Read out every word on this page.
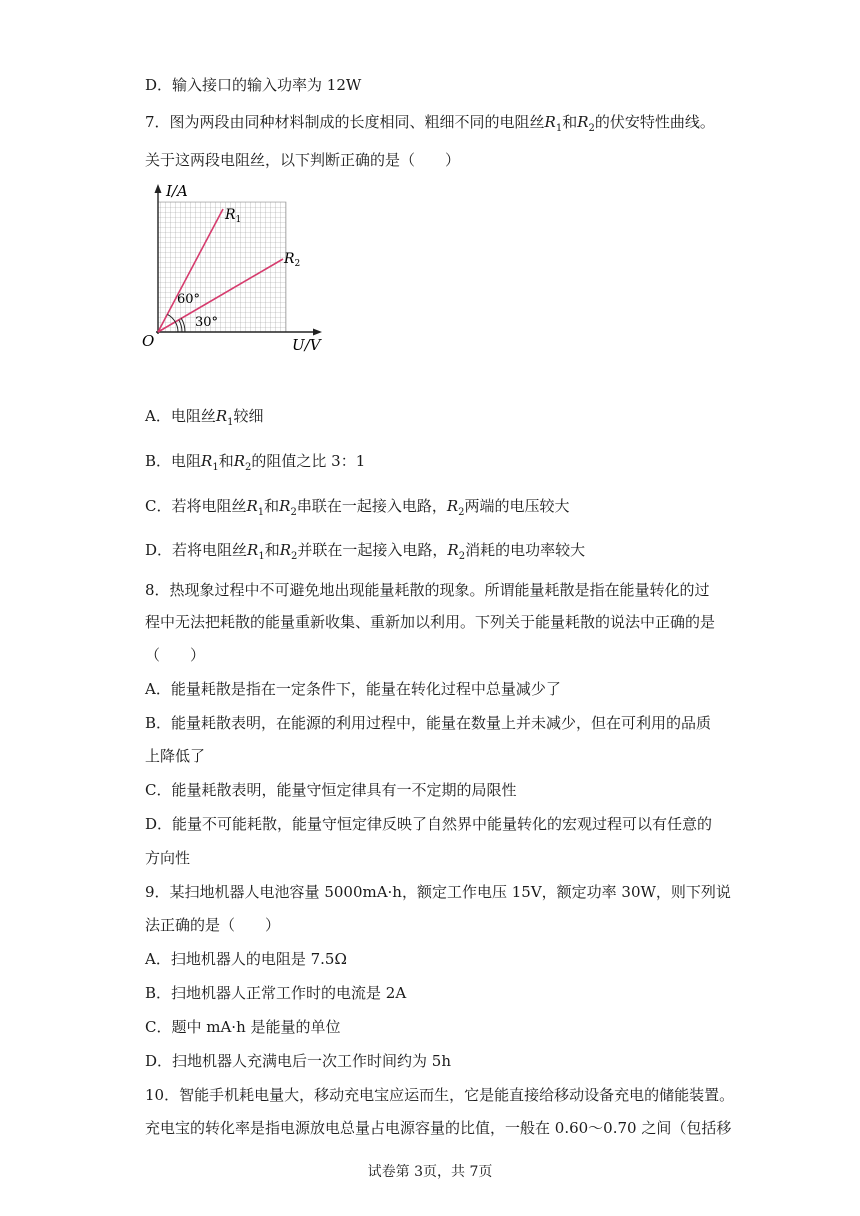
D．输入接口的输入功率为 12W
7．图为两段由同种材料制成的长度相同、粗细不同的电阻丝$R_1$和$R_2$的伏安特性曲线。
关于这两段电阻丝，以下判断正确的是（　　）
I/A
U/V
O
$R_1$
$R_2$
60°
30°
A．电阻丝$R_1$较细
B．电阻$R_1$和$R_2$的阻值之比 3：1
C．若将电阻丝$R_1$和$R_2$串联在一起接入电路，$R_2$两端的电压较大
D．若将电阻丝$R_1$和$R_2$并联在一起接入电路，$R_2$消耗的电功率较大
8．热现象过程中不可避免地出现能量耗散的现象。所谓能量耗散是指在能量转化的过
程中无法把耗散的能量重新收集、重新加以利用。下列关于能量耗散的说法中正确的是
（　　）
A．能量耗散是指在一定条件下，能量在转化过程中总量减少了
B．能量耗散表明，在能源的利用过程中，能量在数量上并未减少，但在可利用的品质
上降低了
C．能量耗散表明，能量守恒定律具有一不定期的局限性
D．能量不可能耗散，能量守恒定律反映了自然界中能量转化的宏观过程可以有任意的
方向性
9．某扫地机器人电池容量 5000mA·h，额定工作电压 15V，额定功率 30W，则下列说
法正确的是（　　）
A．扫地机器人的电阻是 7.5Ω
B．扫地机器人正常工作时的电流是 2A
C．题中 mA·h 是能量的单位
D．扫地机器人充满电后一次工作时间约为 5h
10．智能手机耗电量大，移动充电宝应运而生，它是能直接给移动设备充电的储能装置。
充电宝的转化率是指电源放电总量占电源容量的比值，一般在 0.60～0.70 之间（包括移
试卷第 3页，共 7页
